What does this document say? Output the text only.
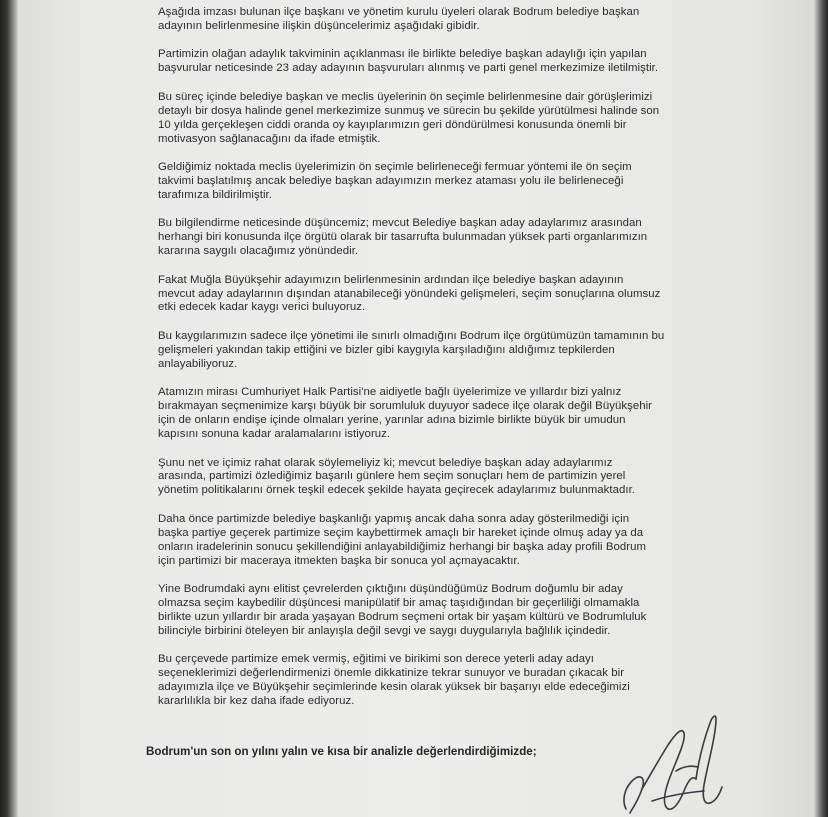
Aşağıda imzası bulunan ilçe başkanı ve yönetim kurulu üyeleri olarak Bodrum belediye başkan
adayının belirlenmesine ilişkin düşüncelerimiz aşağıdaki gibidir.
Partimizin olağan adaylık takviminin açıklanması ile birlikte belediye başkan adaylığı için yapılan
başvurular neticesinde 23 aday adayının başvuruları alınmış ve parti genel merkezimize iletilmiştir.
Bu süreç içinde belediye başkan ve meclis üyelerinin ön seçimle belirlenmesine dair görüşlerimizi
detaylı bir dosya halinde genel merkezimize sunmuş ve sürecin bu şekilde yürütülmesi halinde son
10 yılda gerçekleşen ciddi oranda oy kayıplarımızın geri döndürülmesi konusunda önemli bir
motivasyon sağlanacağını da ifade etmiştik.
Geldiğimiz noktada meclis üyelerimizin ön seçimle belirleneceği fermuar yöntemi ile ön seçim
takvimi başlatılmış ancak belediye başkan adayımızın merkez ataması yolu ile belirleneceği
tarafımıza bildirilmiştir.
Bu bilgilendirme neticesinde düşüncemiz; mevcut Belediye başkan aday adaylarımız arasından
herhangi biri konusunda ilçe örgütü olarak bir tasarrufta bulunmadan yüksek parti organlarımızın
kararına saygılı olacağımız yönündedir.
Fakat Muğla Büyükşehir adayımızın belirlenmesinin ardından ilçe belediye başkan adayının
mevcut aday adaylarının dışından atanabileceği yönündeki gelişmeleri, seçim sonuçlarına olumsuz
etki edecek kadar kaygı verici buluyoruz.
Bu kaygılarımızın sadece ilçe yönetimi ile sınırlı olmadığını Bodrum ilçe örgütümüzün tamamının bu
gelişmeleri yakından takip ettiğini ve bizler gibi kaygıyla karşıladığını aldığımız tepkilerden
anlayabiliyoruz.
Atamızın mirası Cumhuriyet Halk Partisi'ne aidiyetle bağlı üyelerimize ve yıllardır bizi yalnız
bırakmayan seçmenimize karşı büyük bir sorumluluk duyuyor sadece ilçe olarak değil Büyükşehir
için de onların endişe içinde olmaları yerine, yarınlar adına bizimle birlikte büyük bir umudun
kapısını sonuna kadar aralamalarını istiyoruz.
Şunu net ve içimiz rahat olarak söylemeliyiz ki; mevcut belediye başkan aday adaylarımız
arasında, partimizi özlediğimiz başarılı günlere hem seçim sonuçları hem de partimizin yerel
yönetim politikalarını örnek teşkil edecek şekilde hayata geçirecek adaylarımız bulunmaktadır.
Daha önce partimizde belediye başkanlığı yapmış ancak daha sonra aday gösterilmediği için
başka partiye geçerek partimize seçim kaybettirmek amaçlı bir hareket içinde olmuş aday ya da
onların iradelerinin sonucu şekillendiğini anlayabildiğimiz herhangi bir başka aday profili Bodrum
için partimizi bir maceraya itmekten başka bir sonuca yol açmayacaktır.
Yine Bodrumdaki aynı elitist çevrelerden çıktığını düşündüğümüz Bodrum doğumlu bir aday
olmazsa seçim kaybedilir düşüncesi manipülatif bir amaç taşıdığından bir geçerliliği olmamakla
birlikte uzun yıllardır bir arada yaşayan Bodrum seçmeni ortak bir yaşam kültürü ve Bodrumluluk
bilinciyle birbirini öteleyen bir anlayışla değil sevgi ve saygı duygularıyla bağlılık içindedir.
Bu çerçevede partimize emek vermiş, eğitimi ve birikimi son derece yeterli aday adayı
seçeneklerimizi değerlendirmenizi önemle dikkatinize tekrar sunuyor ve buradan çıkacak bir
adayımızla ilçe ve Büyükşehir seçimlerinde kesin olarak yüksek bir başarıyı elde edeceğimizi
kararlılıkla bir kez daha ifade ediyoruz.
Bodrum'un son on yılını yalın ve kısa bir analizle değerlendirdiğimizde;
